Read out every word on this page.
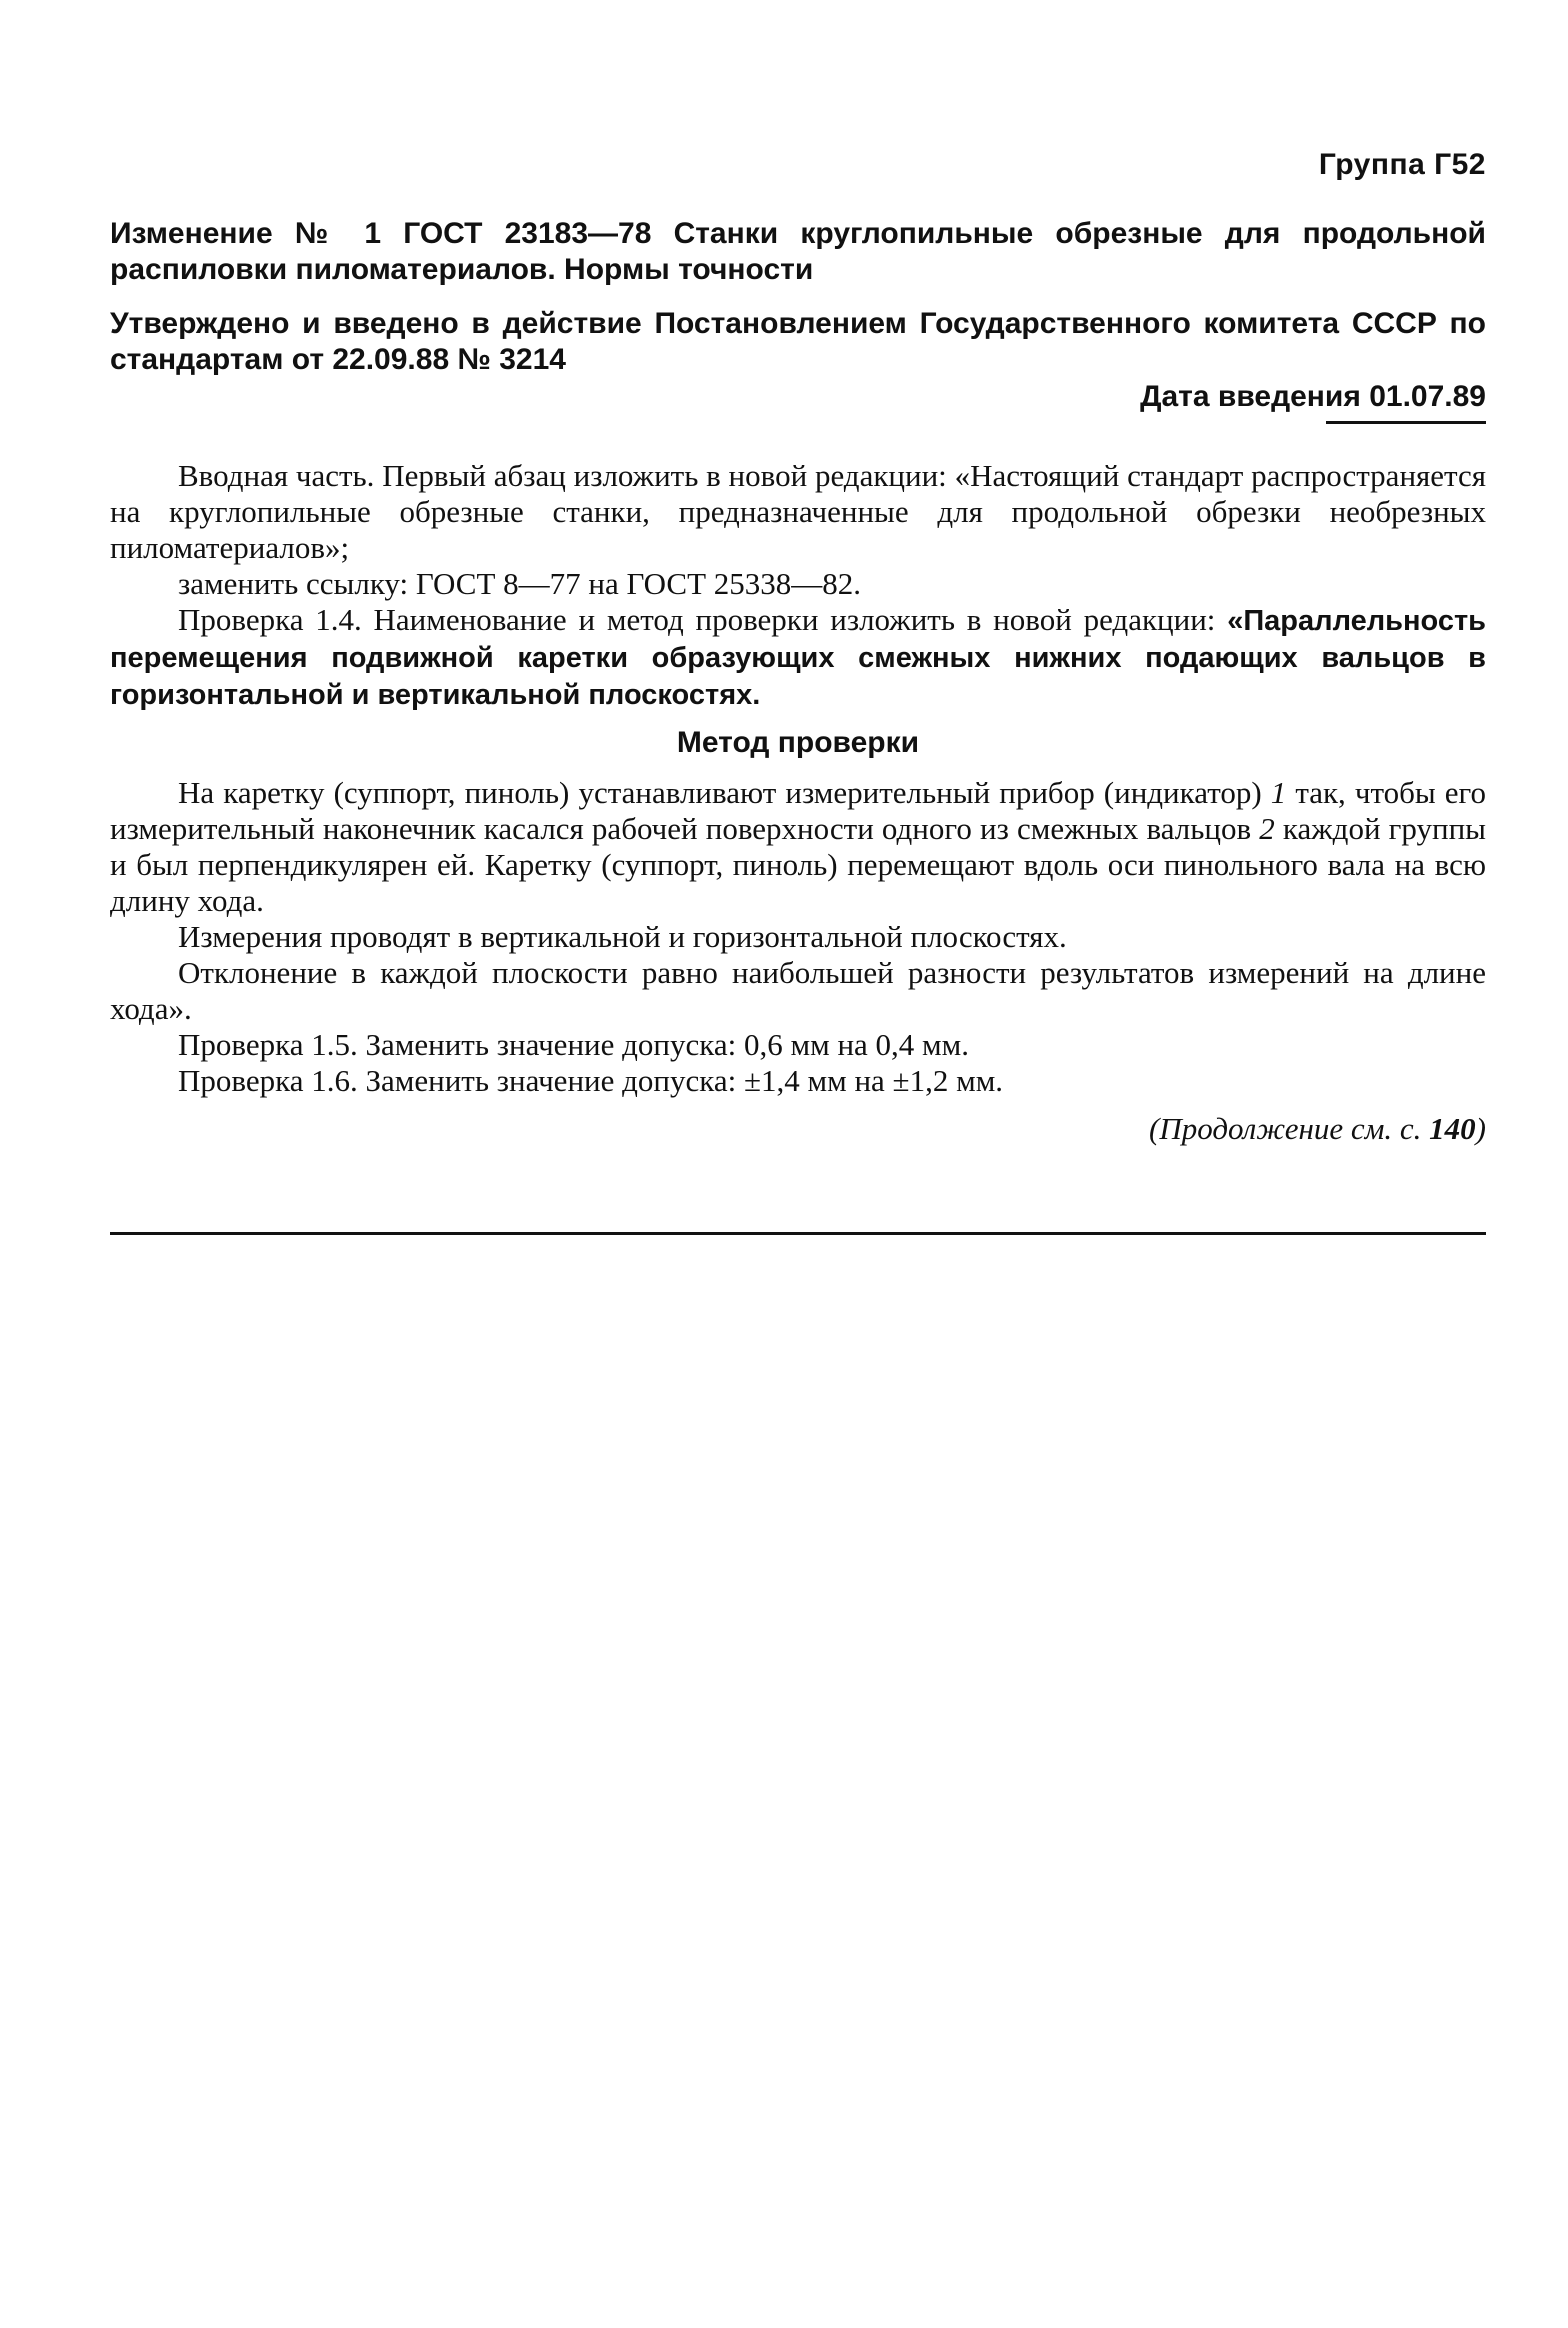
Группа Г52
Изменение № 1 ГОСТ 23183—78 Станки круглопильные обрезные для продольной распиловки пиломатериалов. Нормы точности
Утверждено и введено в действие Постановлением Государственного комитета СССР по стандартам от 22.09.88 № 3214
Дата введения 01.07.89

Вводная часть. Первый абзац изложить в новой редакции: «Настоящий стандарт распространяется на круглопильные обрезные станки, предназначенные для продольной обрезки необрезных пиломатериалов»;

заменить ссылку: ГОСТ 8—77 на ГОСТ 25338—82.

Проверка 1.4. Наименование и метод проверки изложить в новой редакции: «Параллельность перемещения подвижной каретки образующих смежных нижних подающих вальцов в горизонтальной и вертикальной плоскостях.

Метод проверки

На каретку (суппорт, пиноль) устанавливают измерительный прибор (индикатор) 1 так, чтобы его измерительный наконечник касался рабочей поверхности одного из смежных вальцов 2 каждой группы и был перпендикулярен ей. Каретку (суппорт, пиноль) перемещают вдоль оси пинольного вала на всю длину хода.

Измерения проводят в вертикальной и горизонтальной плоскостях.

Отклонение в каждой плоскости равно наибольшей разности результатов измерений на длине хода».

Проверка 1.5. Заменить значение допуска: 0,6 мм на 0,4 мм.

Проверка 1.6. Заменить значение допуска: ±1,4 мм на ±1,2 мм.

(Продолжение см. с. 140)
